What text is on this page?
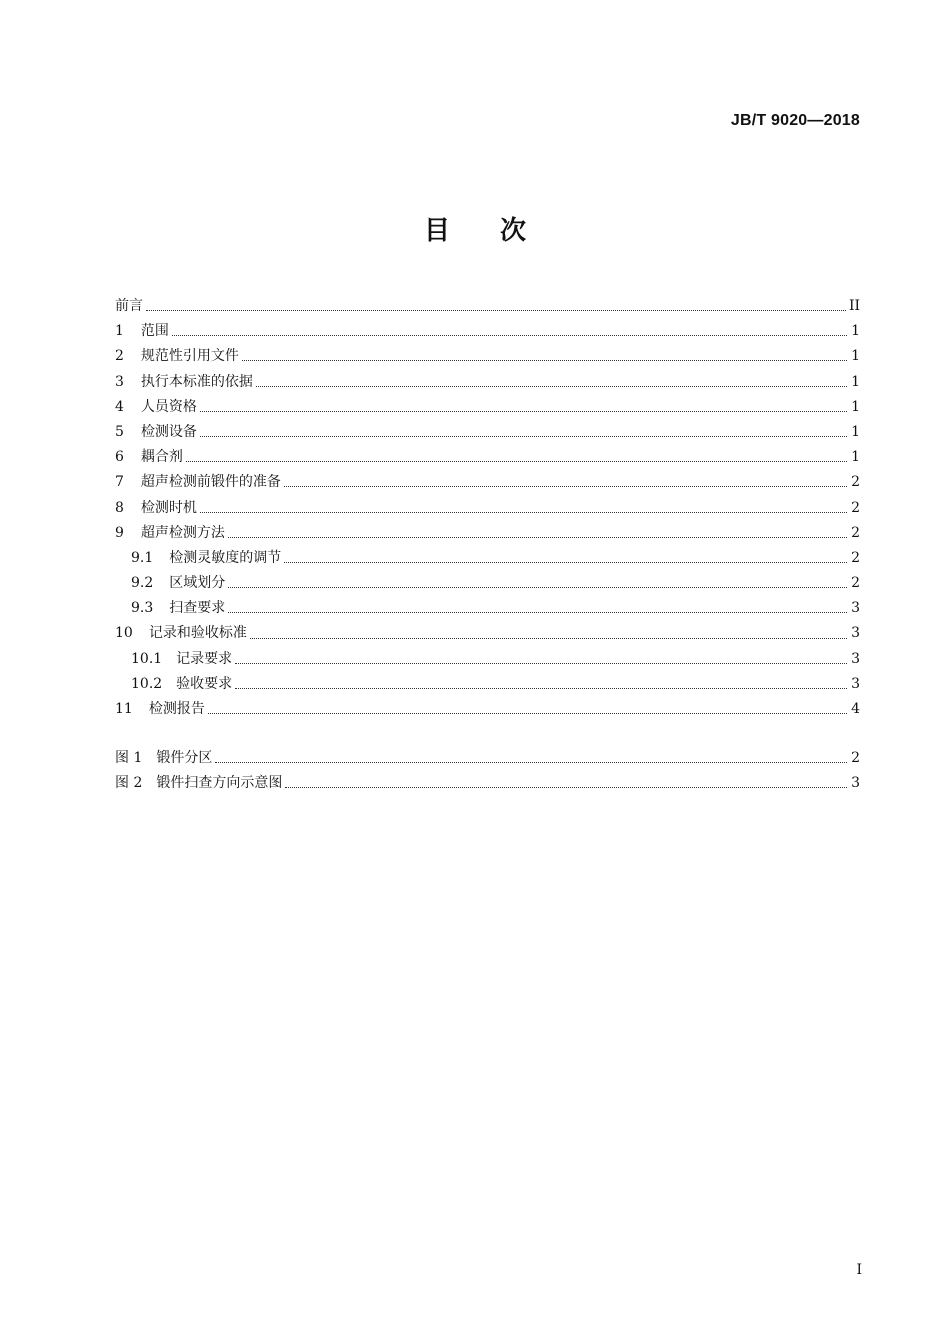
JB/T 9020—2018
目 次
前言	II
1 范围	1
2 规范性引用文件	1
3 执行本标准的依据	1
4 人员资格	1
5 检测设备	1
6 耦合剂	1
7 超声检测前锻件的准备	2
8 检测时机	2
9 超声检测方法	2
9.1 检测灵敏度的调节	2
9.2 区域划分	2
9.3 扫查要求	3
10 记录和验收标准	3
10.1 记录要求	3
10.2 验收要求	3
11 检测报告	4
图 1 锻件分区	2
图 2 锻件扫查方向示意图	3
I
